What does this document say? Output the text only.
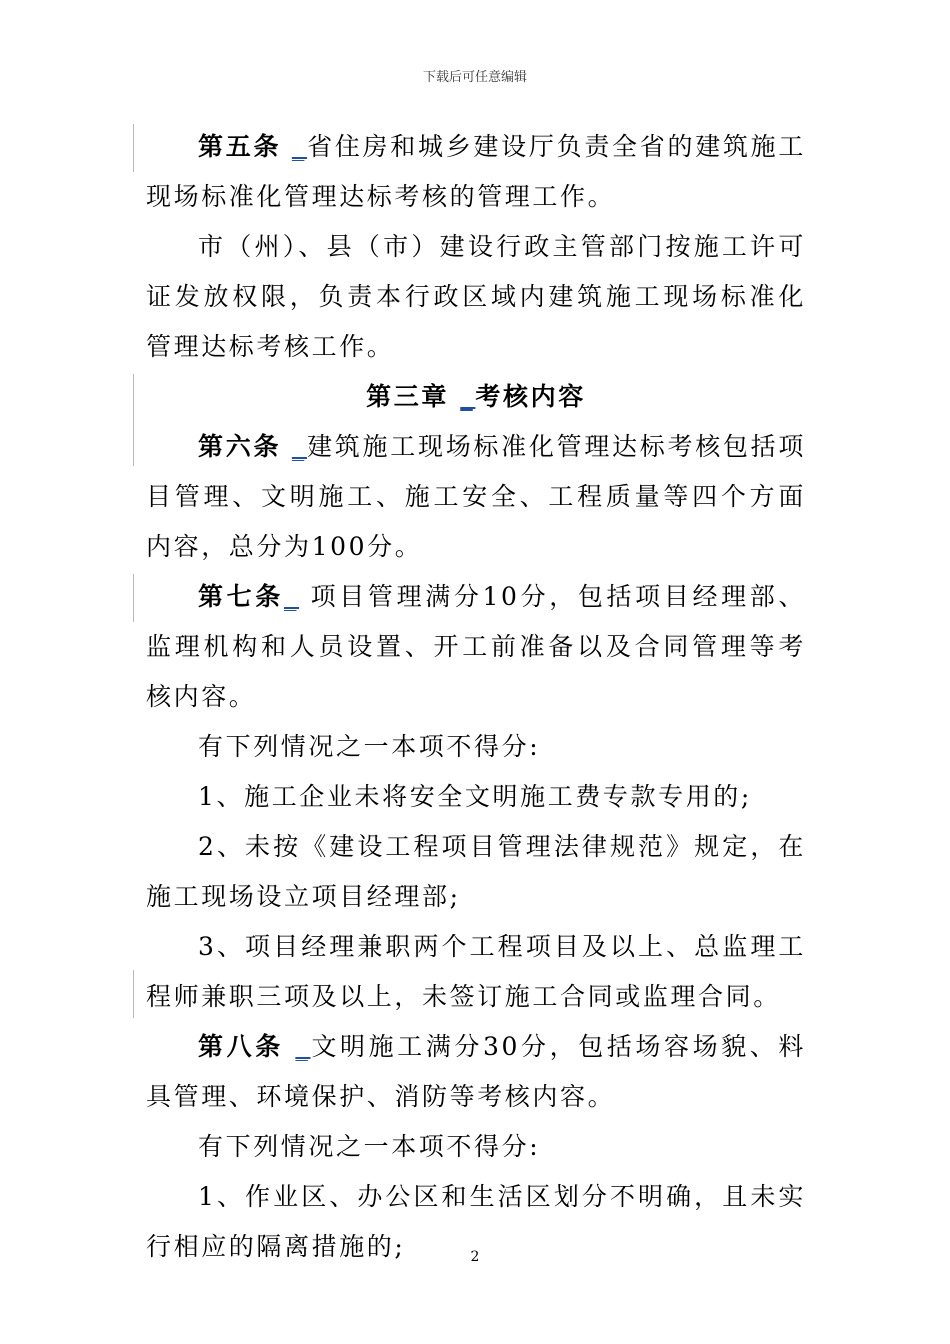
下载后可任意编辑

第五条 _省住房和城乡建设厅负责全省的建筑施工现场标准化管理达标考核的管理工作。

市（州）、县（市）建设行政主管部门按施工许可证发放权限，负责本行政区域内建筑施工现场标准化管理达标考核工作。

第三章 _考核内容

第六条 _建筑施工现场标准化管理达标考核包括项目管理、文明施工、施工安全、工程质量等四个方面内容，总分为100分。

第七条_ 项目管理满分10分，包括项目经理部、监理机构和人员设置、开工前准备以及合同管理等考核内容。

有下列情况之一本项不得分:

1、施工企业未将安全文明施工费专款专用的;

2、未按《建设工程项目管理法律规范》规定，在施工现场设立项目经理部;

3、项目经理兼职两个工程项目及以上、总监理工程师兼职三项及以上，未签订施工合同或监理合同。

第八条 _文明施工满分30分，包括场容场貌、料具管理、环境保护、消防等考核内容。

有下列情况之一本项不得分:

1、作业区、办公区和生活区划分不明确，且未实行相应的隔离措施的;	2
